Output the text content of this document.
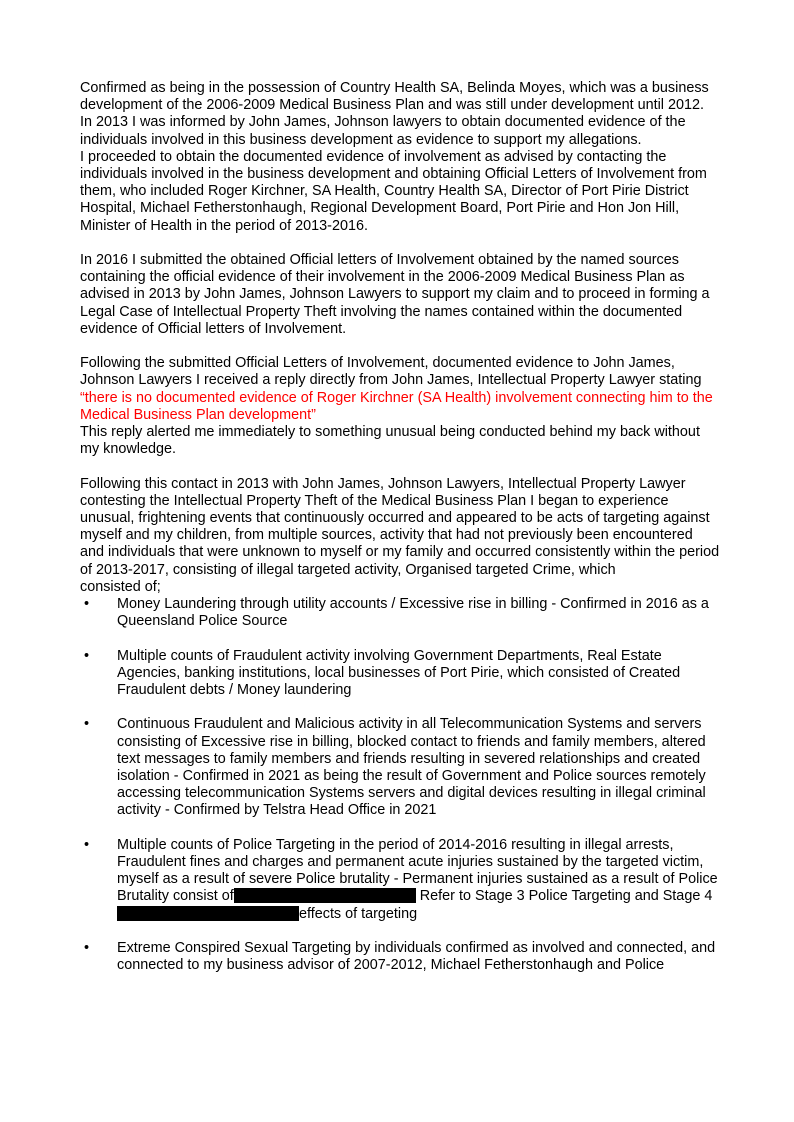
Confirmed as being in the possession of Country Health SA, Belinda Moyes, which was a business development of the 2006-2009 Medical Business Plan and was still under development until 2012.

In 2013 I was informed by John James, Johnson lawyers to obtain documented evidence of the individuals involved in this business development as evidence to support my allegations.

I proceeded to obtain the documented evidence of involvement as advised by contacting the individuals involved in the business development and obtaining Official Letters of Involvement from them, who included Roger Kirchner, SA Health, Country Health SA, Director of Port Pirie District Hospital, Michael Fetherstonhaugh, Regional Development Board, Port Pirie and Hon Jon Hill, Minister of Health in the period of 2013-2016.

In 2016 I submitted the obtained Official letters of Involvement obtained by the named sources containing the official evidence of their involvement in the 2006-2009 Medical Business Plan as advised in 2013 by John James, Johnson Lawyers to support my claim and to proceed in forming a Legal Case of Intellectual Property Theft involving the names contained within the documented evidence of Official letters of Involvement.

Following the submitted Official Letters of Involvement, documented evidence to John James, Johnson Lawyers I received a reply directly from John James, Intellectual Property Lawyer stating “there is no documented evidence of Roger Kirchner (SA Health) involvement connecting him to the Medical Business Plan development”

This reply alerted me immediately to something unusual being conducted behind my back without my knowledge.

Following this contact in 2013 with John James, Johnson Lawyers, Intellectual Property Lawyer contesting the Intellectual Property Theft of the Medical Business Plan I began to experience unusual, frightening events that continuously occurred and appeared to be acts of targeting against myself and my children, from multiple sources, activity that had not previously been encountered and individuals that were unknown to myself or my family and occurred consistently within the period of 2013-2017, consisting of illegal targeted activity, Organised targeted Crime, which

consisted of;

• Money Laundering through utility accounts / Excessive rise in billing - Confirmed in 2016 as a Queensland Police Source
• Multiple counts of Fraudulent activity involving Government Departments, Real Estate Agencies, banking institutions, local businesses of Port Pirie, which consisted of Created Fraudulent debts / Money laundering
• Continuous Fraudulent and Malicious activity in all Telecommunication Systems and servers consisting of Excessive rise in billing, blocked contact to friends and family members, altered text messages to family members and friends resulting in severed relationships and created isolation - Confirmed in 2021 as being the result of Government and Police sources remotely accessing telecommunication Systems servers and digital devices resulting in illegal criminal activity - Confirmed by Telstra Head Office in 2021
• Multiple counts of Police Targeting in the period of 2014-2016 resulting in illegal arrests, Fraudulent fines and charges and permanent acute injuries sustained by the targeted victim, myself as a result of severe Police brutality - Permanent injuries sustained as a result of Police Brutality consist of	Refer to Stage 3 Police Targeting and Stage 4effects of targeting
• Extreme Conspired Sexual Targeting by individuals confirmed as involved and connected, and connected to my business advisor of 2007-2012, Michael Fetherstonhaugh and Police
